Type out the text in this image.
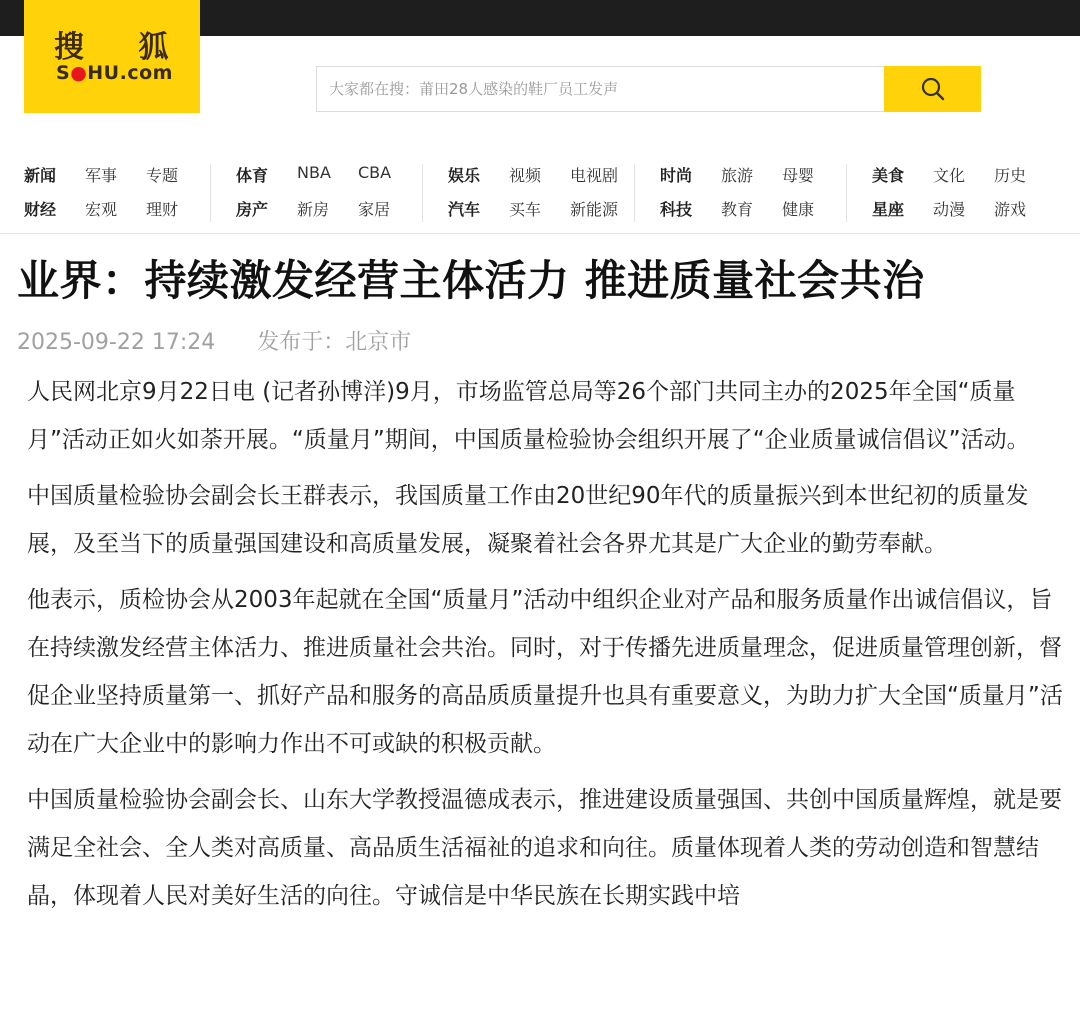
搜 狐
S●HU.com
大家都在搜：莆田28人感染的鞋厂员工发声
新闻 军事 专题
财经 宏观 理财
体育 NBA CBA
房产 新房 家居
娱乐 视频 电视剧
汽车 买车 新能源
时尚 旅游 母婴
科技 教育 健康
美食 文化 历史
星座 动漫 游戏
业界：持续激发经营主体活力 推进质量社会共治
2025-09-22 17:24 发布于：北京市

人民网北京9月22日电 (记者孙博洋)9月，市场监管总局等26个部门共同主办的2025年全国“质量月”活动正如火如荼开展。“质量月”期间，中国质量检验协会组织开展了“企业质量诚信倡议”活动。

中国质量检验协会副会长王群表示，我国质量工作由20世纪90年代的质量振兴到本世纪初的质量发展，及至当下的质量强国建设和高质量发展，凝聚着社会各界尤其是广大企业的勤劳奉献。

他表示，质检协会从2003年起就在全国“质量月”活动中组织企业对产品和服务质量作出诚信倡议，旨在持续激发经营主体活力、推进质量社会共治。同时，对于传播先进质量理念，促进质量管理创新，督促企业坚持质量第一、抓好产品和服务的高品质质量提升也具有重要意义，为助力扩大全国“质量月”活动在广大企业中的影响力作出不可或缺的积极贡献。

中国质量检验协会副会长、山东大学教授温德成表示，推进建设质量强国、共创中国质量辉煌，就是要满足全社会、全人类对高质量、高品质生活福祉的追求和向往。质量体现着人类的劳动创造和智慧结晶，体现着人民对美好生活的向往。守诚信是中华民族在长期实践中培
